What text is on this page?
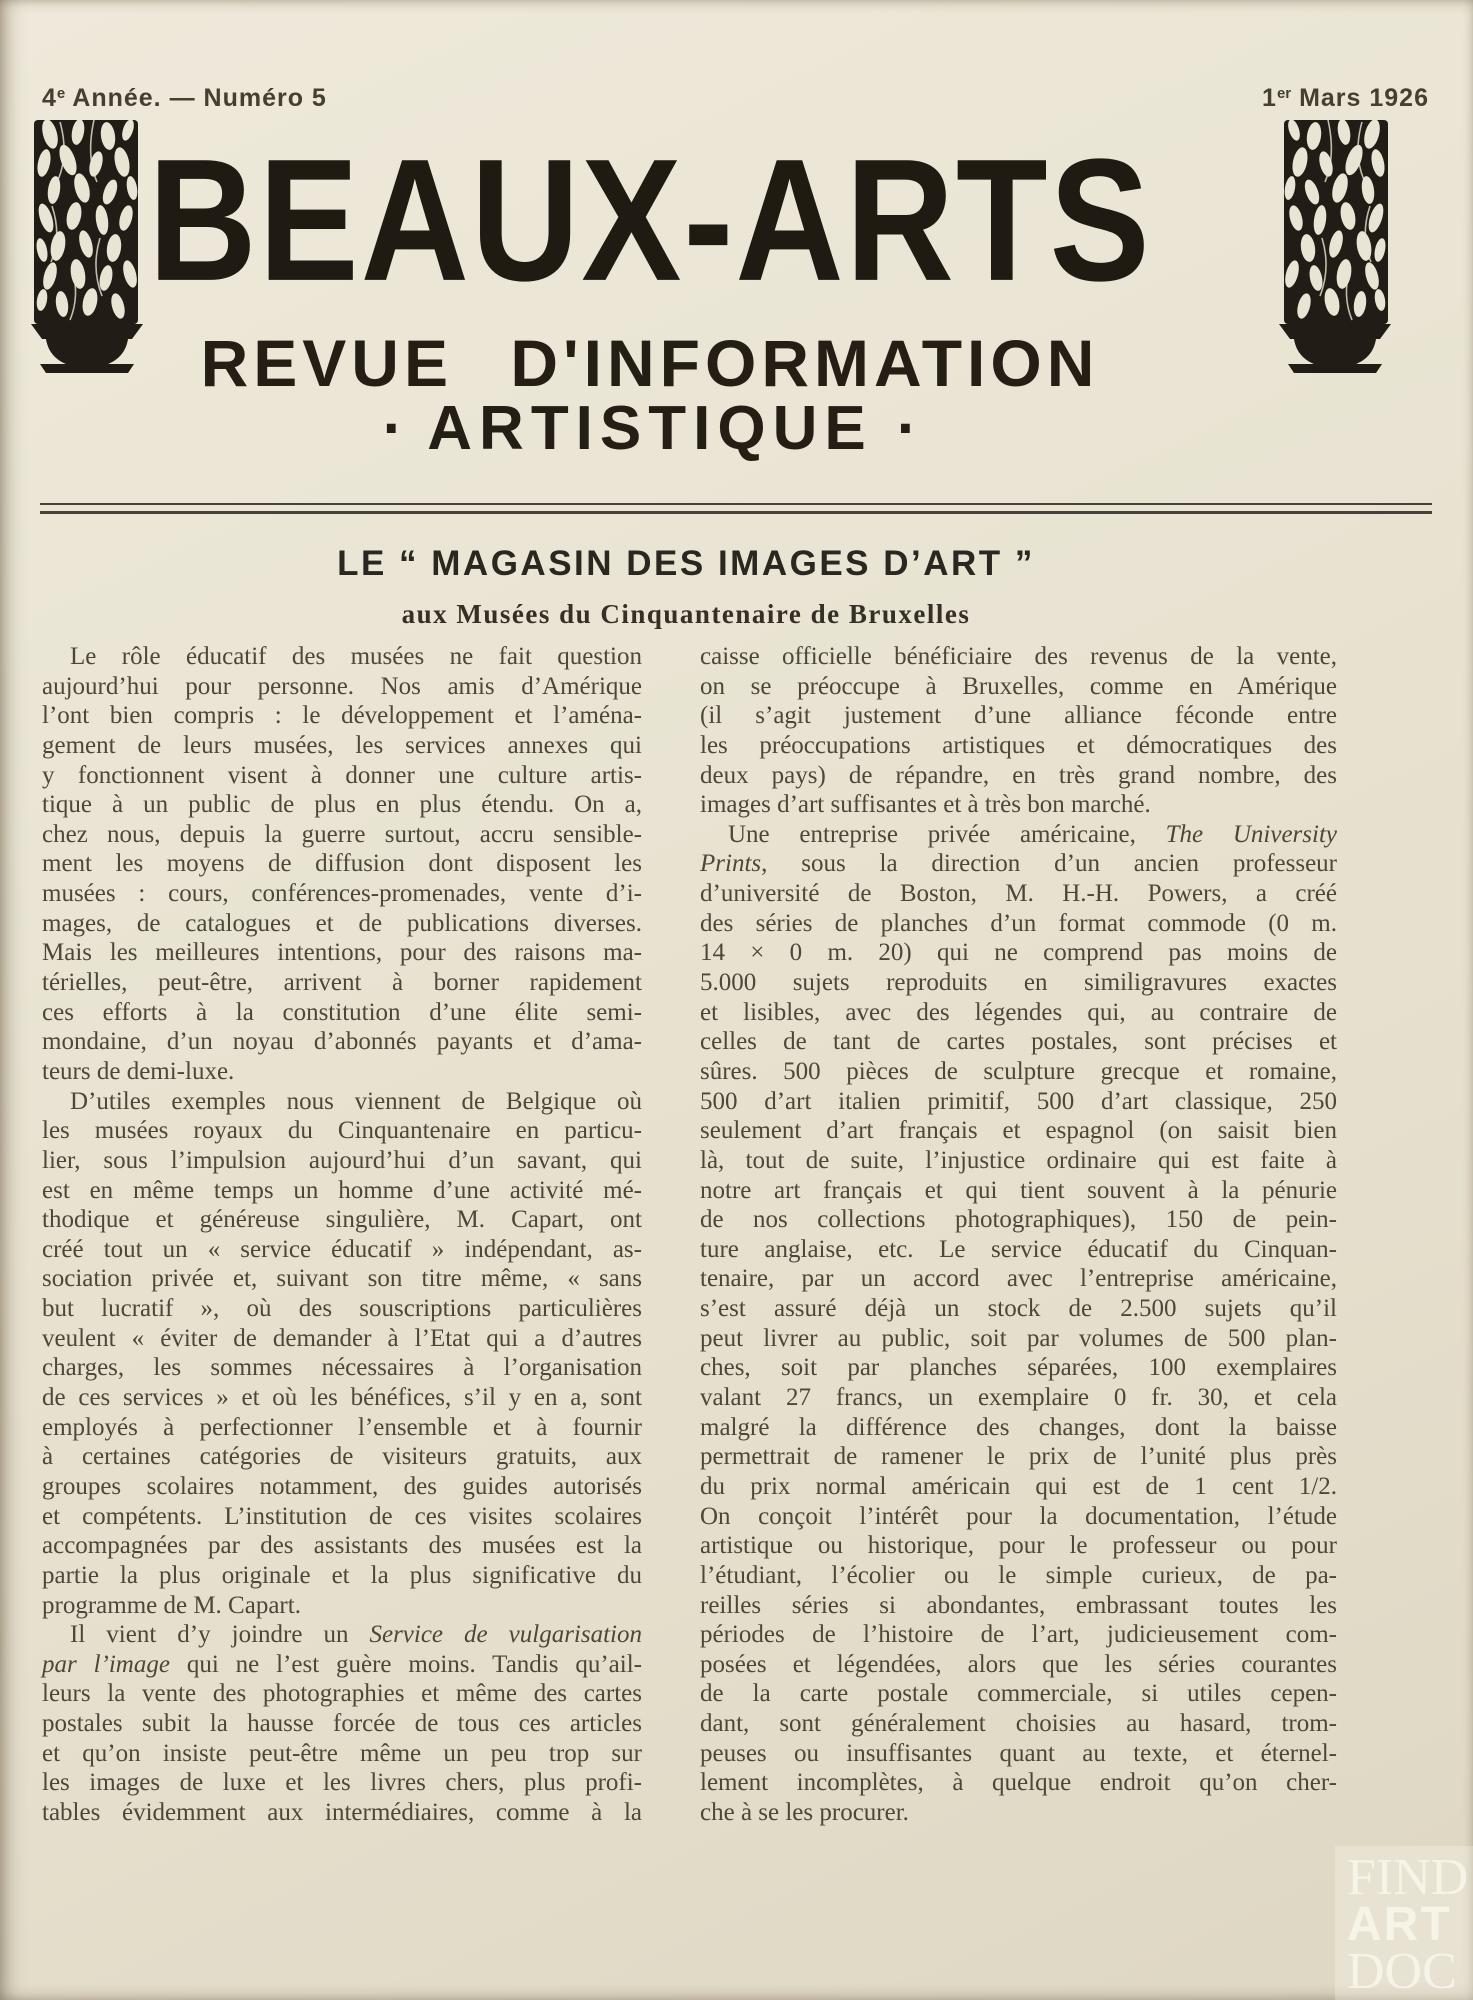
4e Année. — Numéro 5	1er Mars 1926
BEAUX-ARTS
REVUE D'INFORMATION
· ARTISTIQUE ·
LE “ MAGASIN DES IMAGES D’ART ”
aux Musées du Cinquantenaire de Bruxelles
Le rôle éducatif des musées ne fait question
aujourd’hui pour personne. Nos amis d’Amérique
l’ont bien compris : le développement et l’aména-
gement de leurs musées, les services annexes qui
y fonctionnent visent à donner une culture artis-
tique à un public de plus en plus étendu. On a,
chez nous, depuis la guerre surtout, accru sensible-
ment les moyens de diffusion dont disposent les
musées : cours, conférences-promenades, vente d’i-
mages, de catalogues et de publications diverses.
Mais les meilleures intentions, pour des raisons ma-
térielles, peut-être, arrivent à borner rapidement
ces efforts à la constitution d’une élite semi-
mondaine, d’un noyau d’abonnés payants et d’ama-
teurs de demi-luxe.
D’utiles exemples nous viennent de Belgique où
les musées royaux du Cinquantenaire en particu-
lier, sous l’impulsion aujourd’hui d’un savant, qui
est en même temps un homme d’une activité mé-
thodique et généreuse singulière, M. Capart, ont
créé tout un « service éducatif » indépendant, as-
sociation privée et, suivant son titre même, « sans
but lucratif », où des souscriptions particulières
veulent « éviter de demander à l’Etat qui a d’autres
charges, les sommes nécessaires à l’organisation
de ces services » et où les bénéfices, s’il y en a, sont
employés à perfectionner l’ensemble et à fournir
à certaines catégories de visiteurs gratuits, aux
groupes scolaires notamment, des guides autorisés
et compétents. L’institution de ces visites scolaires
accompagnées par des assistants des musées est la
partie la plus originale et la plus significative du
programme de M. Capart.
Il vient d’y joindre un Service de vulgarisation
par l’image qui ne l’est guère moins. Tandis qu’ail-
leurs la vente des photographies et même des cartes
postales subit la hausse forcée de tous ces articles
et qu’on insiste peut-être même un peu trop sur
les images de luxe et les livres chers, plus profi-
tables évidemment aux intermédiaires, comme à la
caisse officielle bénéficiaire des revenus de la vente,
on se préoccupe à Bruxelles, comme en Amérique
(il s’agit justement d’une alliance féconde entre
les préoccupations artistiques et démocratiques des
deux pays) de répandre, en très grand nombre, des
images d’art suffisantes et à très bon marché.
Une entreprise privée américaine, The University
Prints, sous la direction d’un ancien professeur
d’université de Boston, M. H.-H. Powers, a créé
des séries de planches d’un format commode (0 m.
14 × 0 m. 20) qui ne comprend pas moins de
5.000 sujets reproduits en similigravures exactes
et lisibles, avec des légendes qui, au contraire de
celles de tant de cartes postales, sont précises et
sûres. 500 pièces de sculpture grecque et romaine,
500 d’art italien primitif, 500 d’art classique, 250
seulement d’art français et espagnol (on saisit bien
là, tout de suite, l’injustice ordinaire qui est faite à
notre art français et qui tient souvent à la pénurie
de nos collections photographiques), 150 de pein-
ture anglaise, etc. Le service éducatif du Cinquan-
tenaire, par un accord avec l’entreprise américaine,
s’est assuré déjà un stock de 2.500 sujets qu’il
peut livrer au public, soit par volumes de 500 plan-
ches, soit par planches séparées, 100 exemplaires
valant 27 francs, un exemplaire 0 fr. 30, et cela
malgré la différence des changes, dont la baisse
permettrait de ramener le prix de l’unité plus près
du prix normal américain qui est de 1 cent 1/2.
On conçoit l’intérêt pour la documentation, l’étude
artistique ou historique, pour le professeur ou pour
l’étudiant, l’écolier ou le simple curieux, de pa-
reilles séries si abondantes, embrassant toutes les
périodes de l’histoire de l’art, judicieusement com-
posées et légendées, alors que les séries courantes
de la carte postale commerciale, si utiles cepen-
dant, sont généralement choisies au hasard, trom-
peuses ou insuffisantes quant au texte, et éternel-
lement incomplètes, à quelque endroit qu’on cher-
che à se les procurer.
FIND
ART
DOC
